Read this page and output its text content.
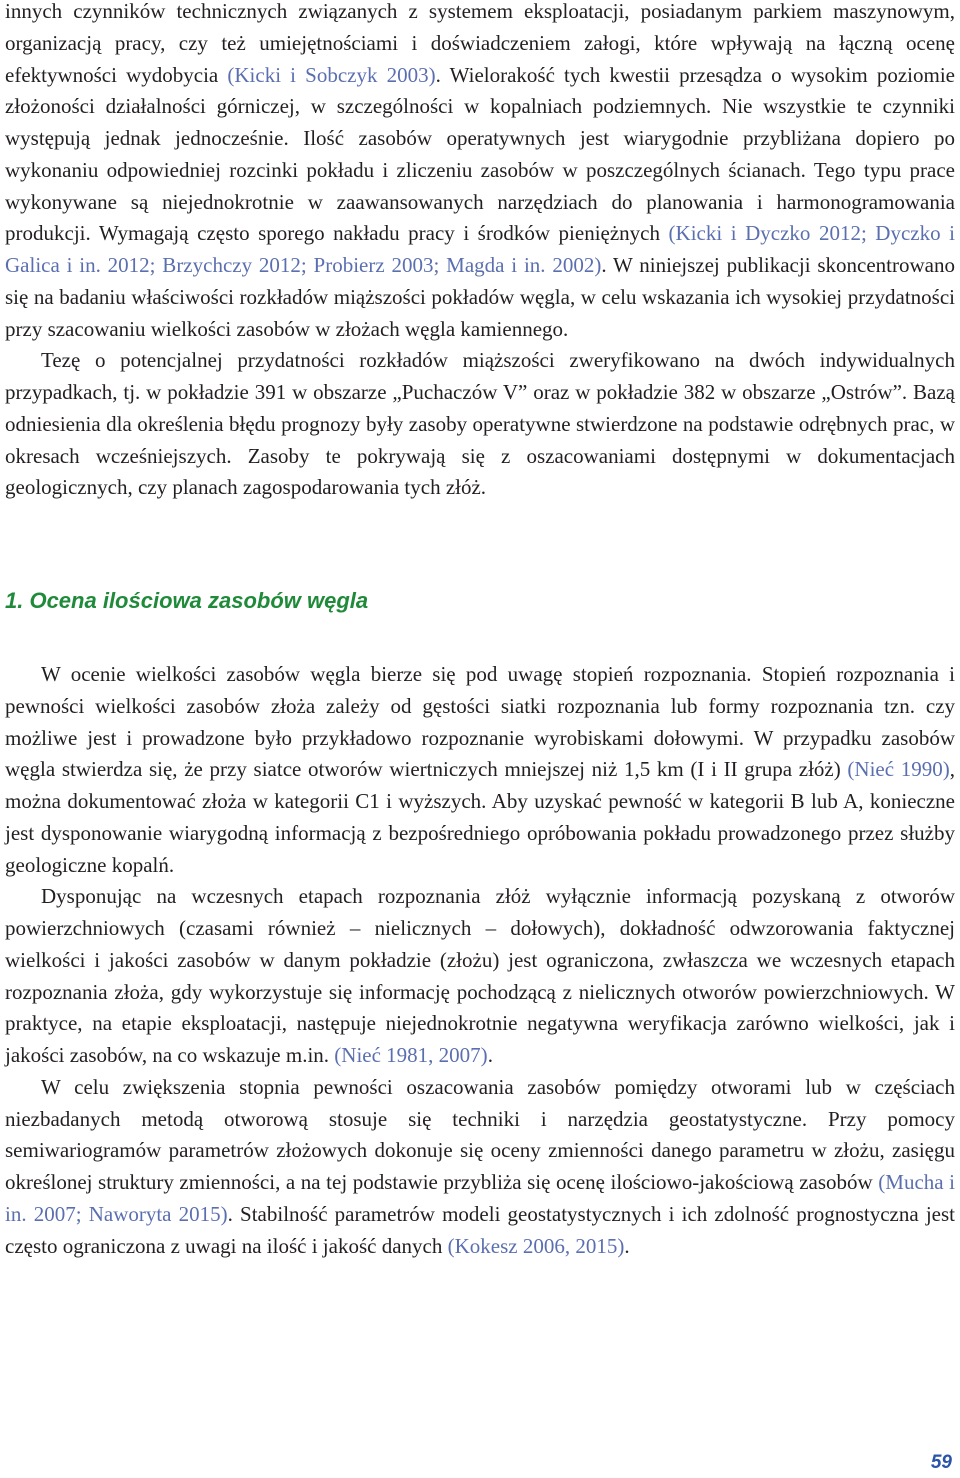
innych czynników technicznych związanych z systemem eksploatacji, posiadanym parkiem maszynowym, organizacją pracy, czy też umiejętnościami i doświadczeniem załogi, które wpływają na łączną ocenę efektywności wydobycia (Kicki i Sobczyk 2003). Wielorakość tych kwestii przesądza o wysokim poziomie złożoności działalności górniczej, w szczególności w kopalniach podziemnych. Nie wszystkie te czynniki występują jednak jednocześnie. Ilość zasobów operatywnych jest wiarygodnie przybliżana dopiero po wykonaniu odpowiedniej rozcinki pokładu i zliczeniu zasobów w poszczególnych ścianach. Tego typu prace wykonywane są niejednokrotnie w zaawansowanych narzędziach do planowania i harmonogramowania produkcji. Wymagają często sporego nakładu pracy i środków pieniężnych (Kicki i Dyczko 2012; Dyczko i Galica i in. 2012; Brzychczy 2012; Probierz 2003; Magda i in. 2002). W niniejszej publikacji skoncentrowano się na badaniu właściwości rozkładów miąższości pokładów węgla, w celu wskazania ich wysokiej przydatności przy szacowaniu wielkości zasobów w złożach węgla kamiennego.

Tezę o potencjalnej przydatności rozkładów miąższości zweryfikowano na dwóch indywidualnych przypadkach, tj. w pokładzie 391 w obszarze „Puchaczów V” oraz w pokładzie 382 w obszarze „Ostrów”. Bazą odniesienia dla określenia błędu prognozy były zasoby operatywne stwierdzone na podstawie odrębnych prac, w okresach wcześniejszych. Zasoby te pokrywają się z oszacowaniami dostępnymi w dokumentacjach geologicznych, czy planach zagospodarowania tych złóż.

1. Ocena ilościowa zasobów węgla

W ocenie wielkości zasobów węgla bierze się pod uwagę stopień rozpoznania. Stopień rozpoznania i pewności wielkości zasobów złoża zależy od gęstości siatki rozpoznania lub formy rozpoznania tzn. czy możliwe jest i prowadzone było przykładowo rozpoznanie wyrobiskami dołowymi. W przypadku zasobów węgla stwierdza się, że przy siatce otworów wiertniczych mniejszej niż 1,5 km (I i II grupa złóż) (Nieć 1990), można dokumentować złoża w kategorii C1 i wyższych. Aby uzyskać pewność w kategorii B lub A, konieczne jest dysponowanie wiarygodną informacją z bezpośredniego opróbowania pokładu prowadzonego przez służby geologiczne kopalń.

Dysponując na wczesnych etapach rozpoznania złóż wyłącznie informacją pozyskaną z otworów powierzchniowych (czasami również – nielicznych – dołowych), dokładność odwzorowania faktycznej wielkości i jakości zasobów w danym pokładzie (złożu) jest ograniczona, zwłaszcza we wczesnych etapach rozpoznania złoża, gdy wykorzystuje się informację pochodzącą z nielicznych otworów powierzchniowych. W praktyce, na etapie eksploatacji, następuje niejednokrotnie negatywna weryfikacja zarówno wielkości, jak i jakości zasobów, na co wskazuje m.in. (Nieć 1981, 2007).

W celu zwiększenia stopnia pewności oszacowania zasobów pomiędzy otworami lub w częściach niezbadanych metodą otworową stosuje się techniki i narzędzia geostatystyczne. Przy pomocy semiwariogramów parametrów złożowych dokonuje się oceny zmienności danego parametru w złożu, zasięgu określonej struktury zmienności, a na tej podstawie przybliża się ocenę ilościowo-jakościową zasobów (Mucha i in. 2007; Naworyta 2015). Stabilność parametrów modeli geostatystycznych i ich zdolność prognostyczna jest często ograniczona z uwagi na ilość i jakość danych (Kokesz 2006, 2015).

59
